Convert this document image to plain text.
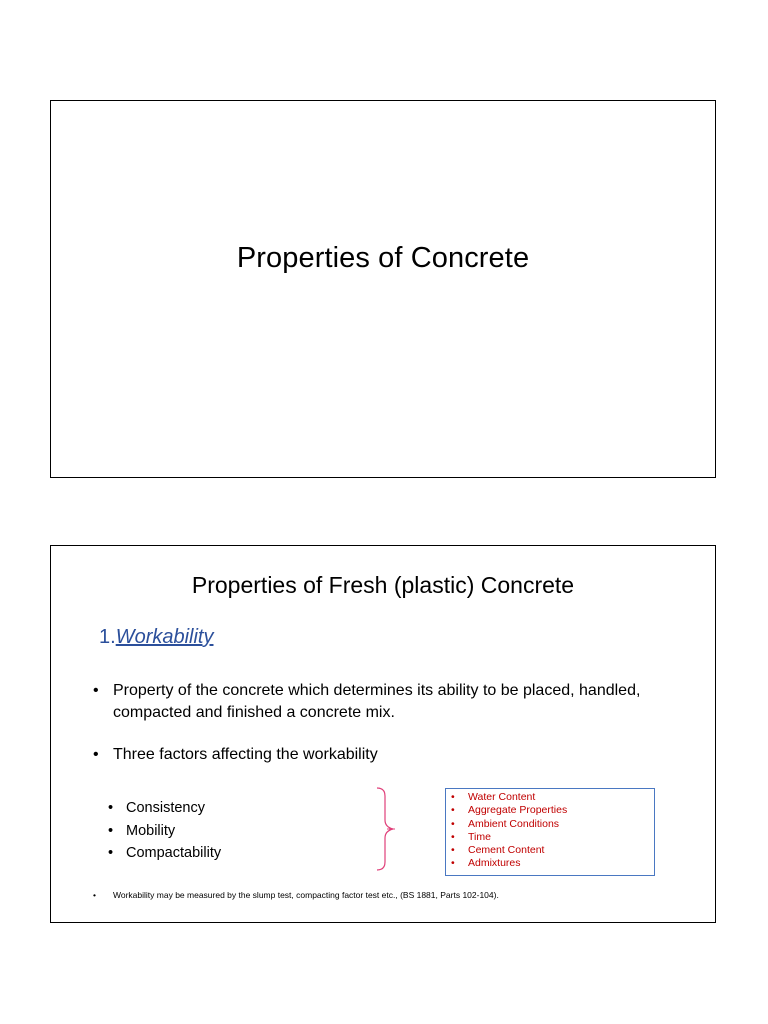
Properties of Concrete
Properties of Fresh (plastic) Concrete
1.Workability
• Property of the concrete which determines its ability to be placed, handled, compacted and finished a concrete mix.
• Three factors affecting the workability
• Consistency
• Mobility
• Compactability
• Water Content
• Aggregate Properties
• Ambient Conditions
• Time
• Cement Content
• Admixtures
• Workability may be measured by the slump test, compacting factor test etc., (BS 1881, Parts 102-104).
